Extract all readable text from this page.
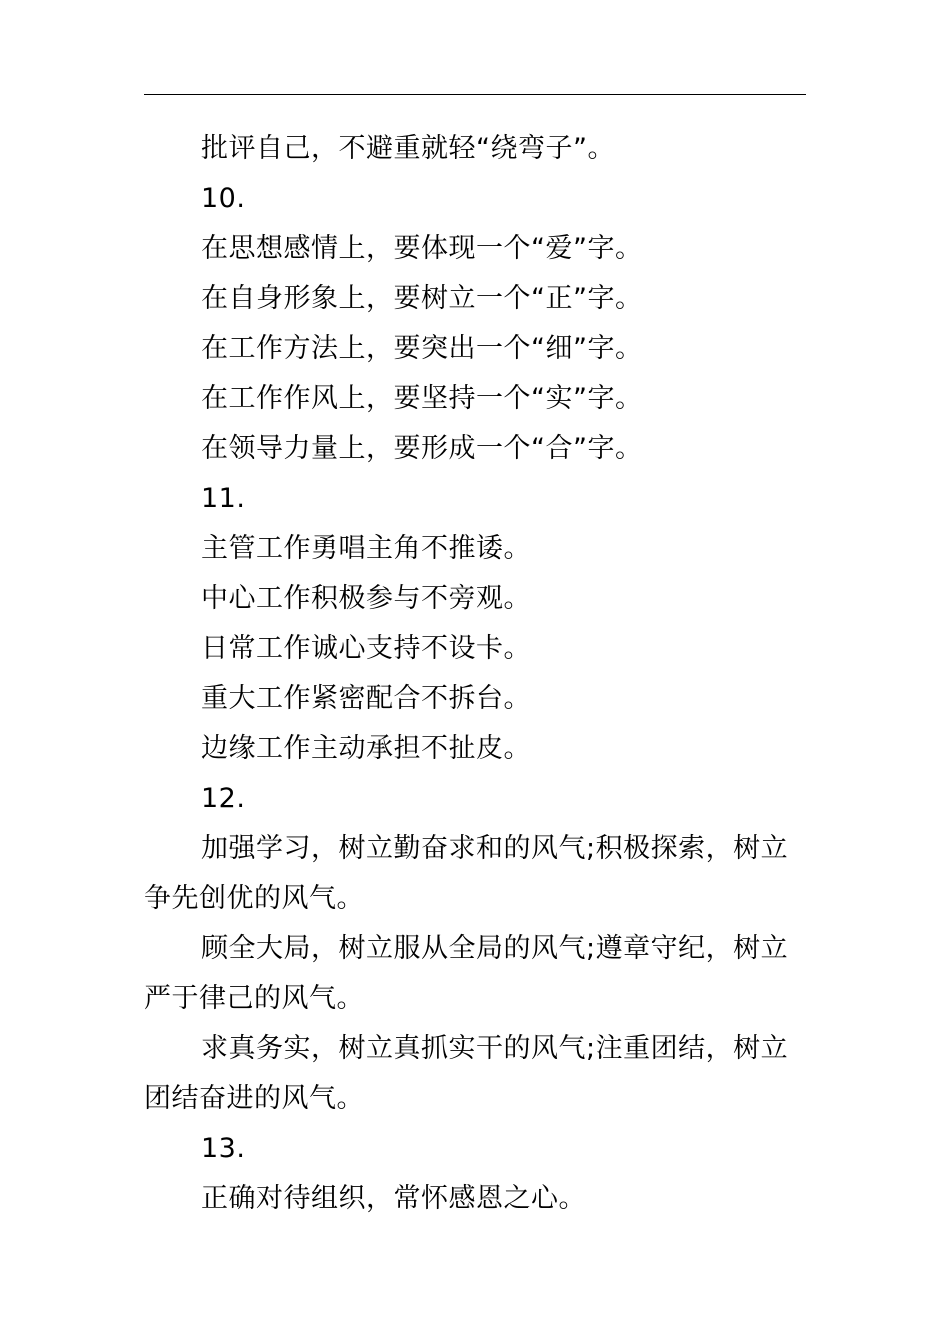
批评自己，不避重就轻“绕弯子”。

10.

在思想感情上，要体现一个“爱”字。

在自身形象上，要树立一个“正”字。

在工作方法上，要突出一个“细”字。

在工作作风上，要坚持一个“实”字。

在领导力量上，要形成一个“合”字。

11.

主管工作勇唱主角不推诿。

中心工作积极参与不旁观。

日常工作诚心支持不设卡。

重大工作紧密配合不拆台。

边缘工作主动承担不扯皮。

12.

加强学习，树立勤奋求和的风气;积极探索，树立争先创优的风气。

顾全大局，树立服从全局的风气;遵章守纪，树立严于律己的风气。

求真务实，树立真抓实干的风气;注重团结，树立团结奋进的风气。

13.

正确对待组织，常怀感恩之心。
